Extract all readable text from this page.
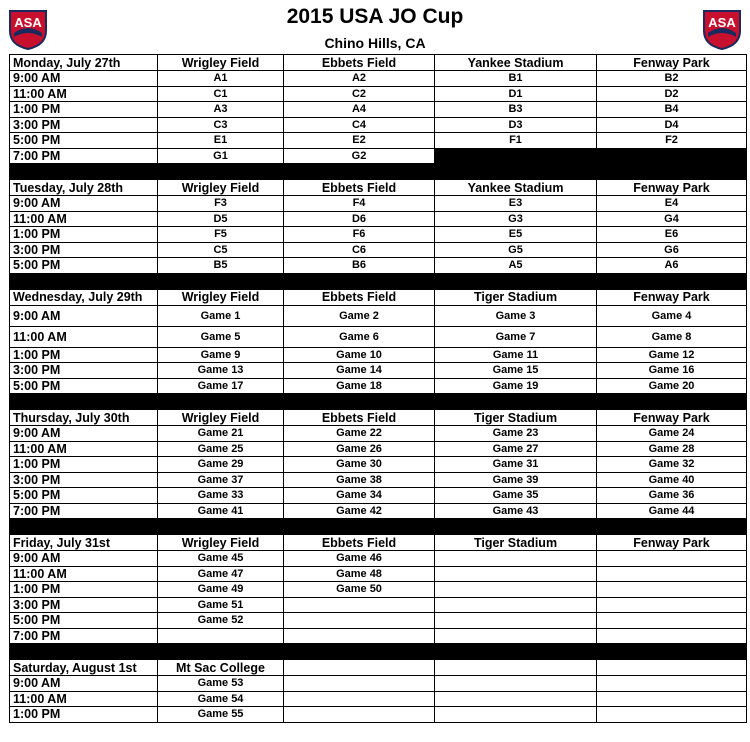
ASA	ASA
2015 USA JO Cup
Chino Hills, CA
Monday, July 27th	Wrigley Field	Ebbets Field	Yankee Stadium	Fenway Park
9:00 AM	A1	A2	B1	B2
11:00 AM	C1	C2	D1	D2
1:00 PM	A3	A4	B3	B4
3:00 PM	C3	C4	D3	D4
5:00 PM	E1	E2	F1	F2
7:00 PM	G1	G2		

Tuesday, July 28th	Wrigley Field	Ebbets Field	Yankee Stadium	Fenway Park
9:00 AM	F3	F4	E3	E4
11:00 AM	D5	D6	G3	G4
1:00 PM	F5	F6	E5	E6
3:00 PM	C5	C6	G5	G6
5:00 PM	B5	B6	A5	A6

Wednesday, July 29th	Wrigley Field	Ebbets Field	Tiger Stadium	Fenway Park
9:00 AM	Game 1	Game 2	Game 3	Game 4
11:00 AM	Game 5	Game 6	Game 7	Game 8
1:00 PM	Game 9	Game 10	Game 11	Game 12
3:00 PM	Game 13	Game 14	Game 15	Game 16
5:00 PM	Game 17	Game 18	Game 19	Game 20

Thursday, July 30th	Wrigley Field	Ebbets Field	Tiger Stadium	Fenway Park
9:00 AM	Game 21	Game 22	Game 23	Game 24
11:00 AM	Game 25	Game 26	Game 27	Game 28
1:00 PM	Game 29	Game 30	Game 31	Game 32
3:00 PM	Game 37	Game 38	Game 39	Game 40
5:00 PM	Game 33	Game 34	Game 35	Game 36
7:00 PM	Game 41	Game 42	Game 43	Game 44

Friday, July 31st	Wrigley Field	Ebbets Field	Tiger Stadium	Fenway Park
9:00 AM	Game 45	Game 46		
11:00 AM	Game 47	Game 48		
1:00 PM	Game 49	Game 50		
3:00 PM	Game 51			
5:00 PM	Game 52			
7:00 PM				

Saturday, August 1st	Mt Sac College			
9:00 AM	Game 53			
11:00 AM	Game 54			
1:00 PM	Game 55			
